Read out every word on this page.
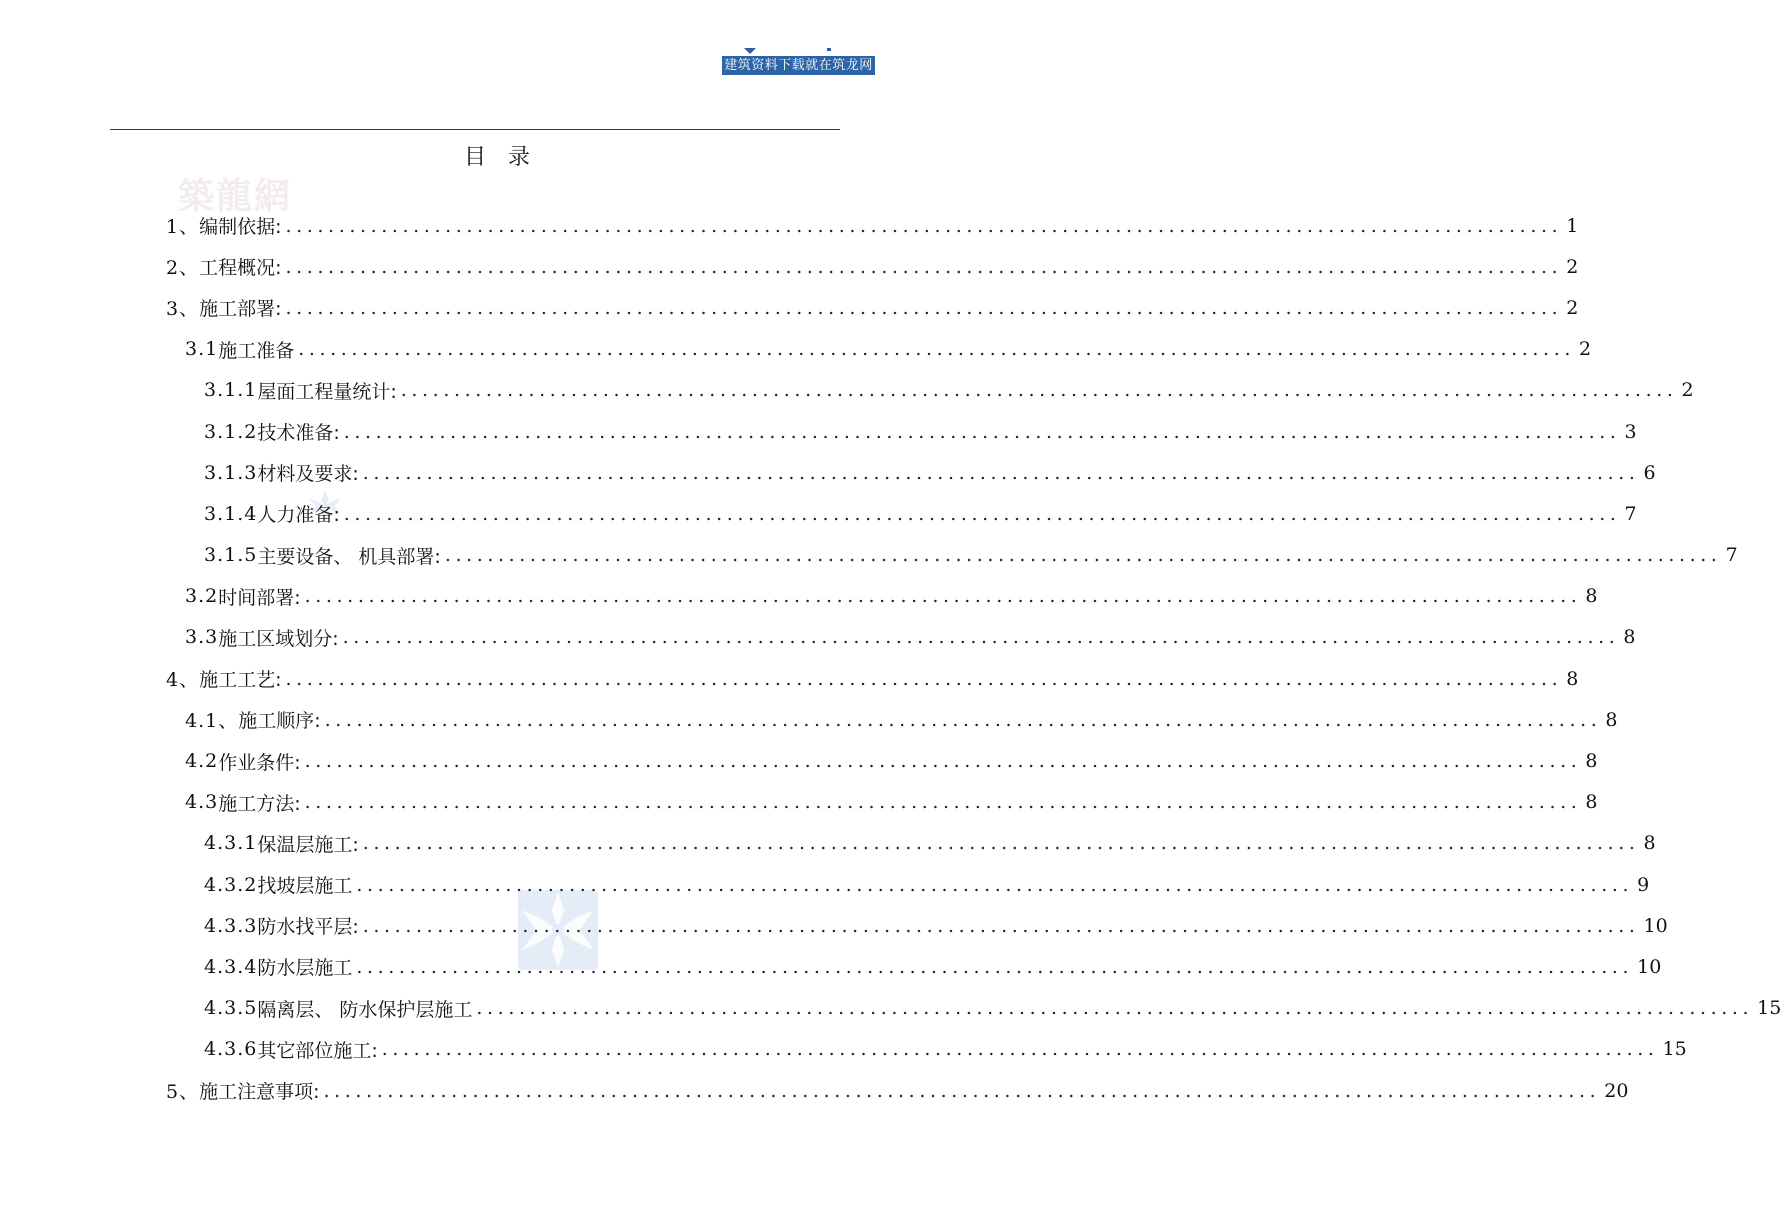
建筑资料下载就在筑龙网
目录
築龍網
1、 编制依据: ........................................................................................................................ 1
2、 工程概况: ........................................................................................................................ 2
3、 施工部署: ........................................................................................................................ 2
3.1 施工准备 ........................................................................................................................ 2
3.1.1 屋面工程量统计: ........................................................................................................................ 2
3.1.2 技术准备: ........................................................................................................................ 3
3.1.3 材料及要求: ........................................................................................................................ 6
3.1.4 人力准备: ........................................................................................................................ 7
3.1.5 主要设备、 机具部署: ........................................................................................................................ 7
3.2 时间部署: ........................................................................................................................ 8
3.3 施工区域划分: ........................................................................................................................ 8
4、 施工工艺: ........................................................................................................................ 8
4.1、 施工顺序: ........................................................................................................................ 8
4.2 作业条件: ........................................................................................................................ 8
4.3 施工方法: ........................................................................................................................ 8
4.3.1 保温层施工: ........................................................................................................................ 8
4.3.2 找坡层施工 ........................................................................................................................ 9
4.3.3 防水找平层: ........................................................................................................................ 10
4.3.4 防水层施工 ........................................................................................................................ 10
4.3.5 隔离层、 防水保护层施工 ........................................................................................................................ 15
4.3.6 其它部位施工: ........................................................................................................................ 15
5、 施工注意事项: ........................................................................................................................ 20
